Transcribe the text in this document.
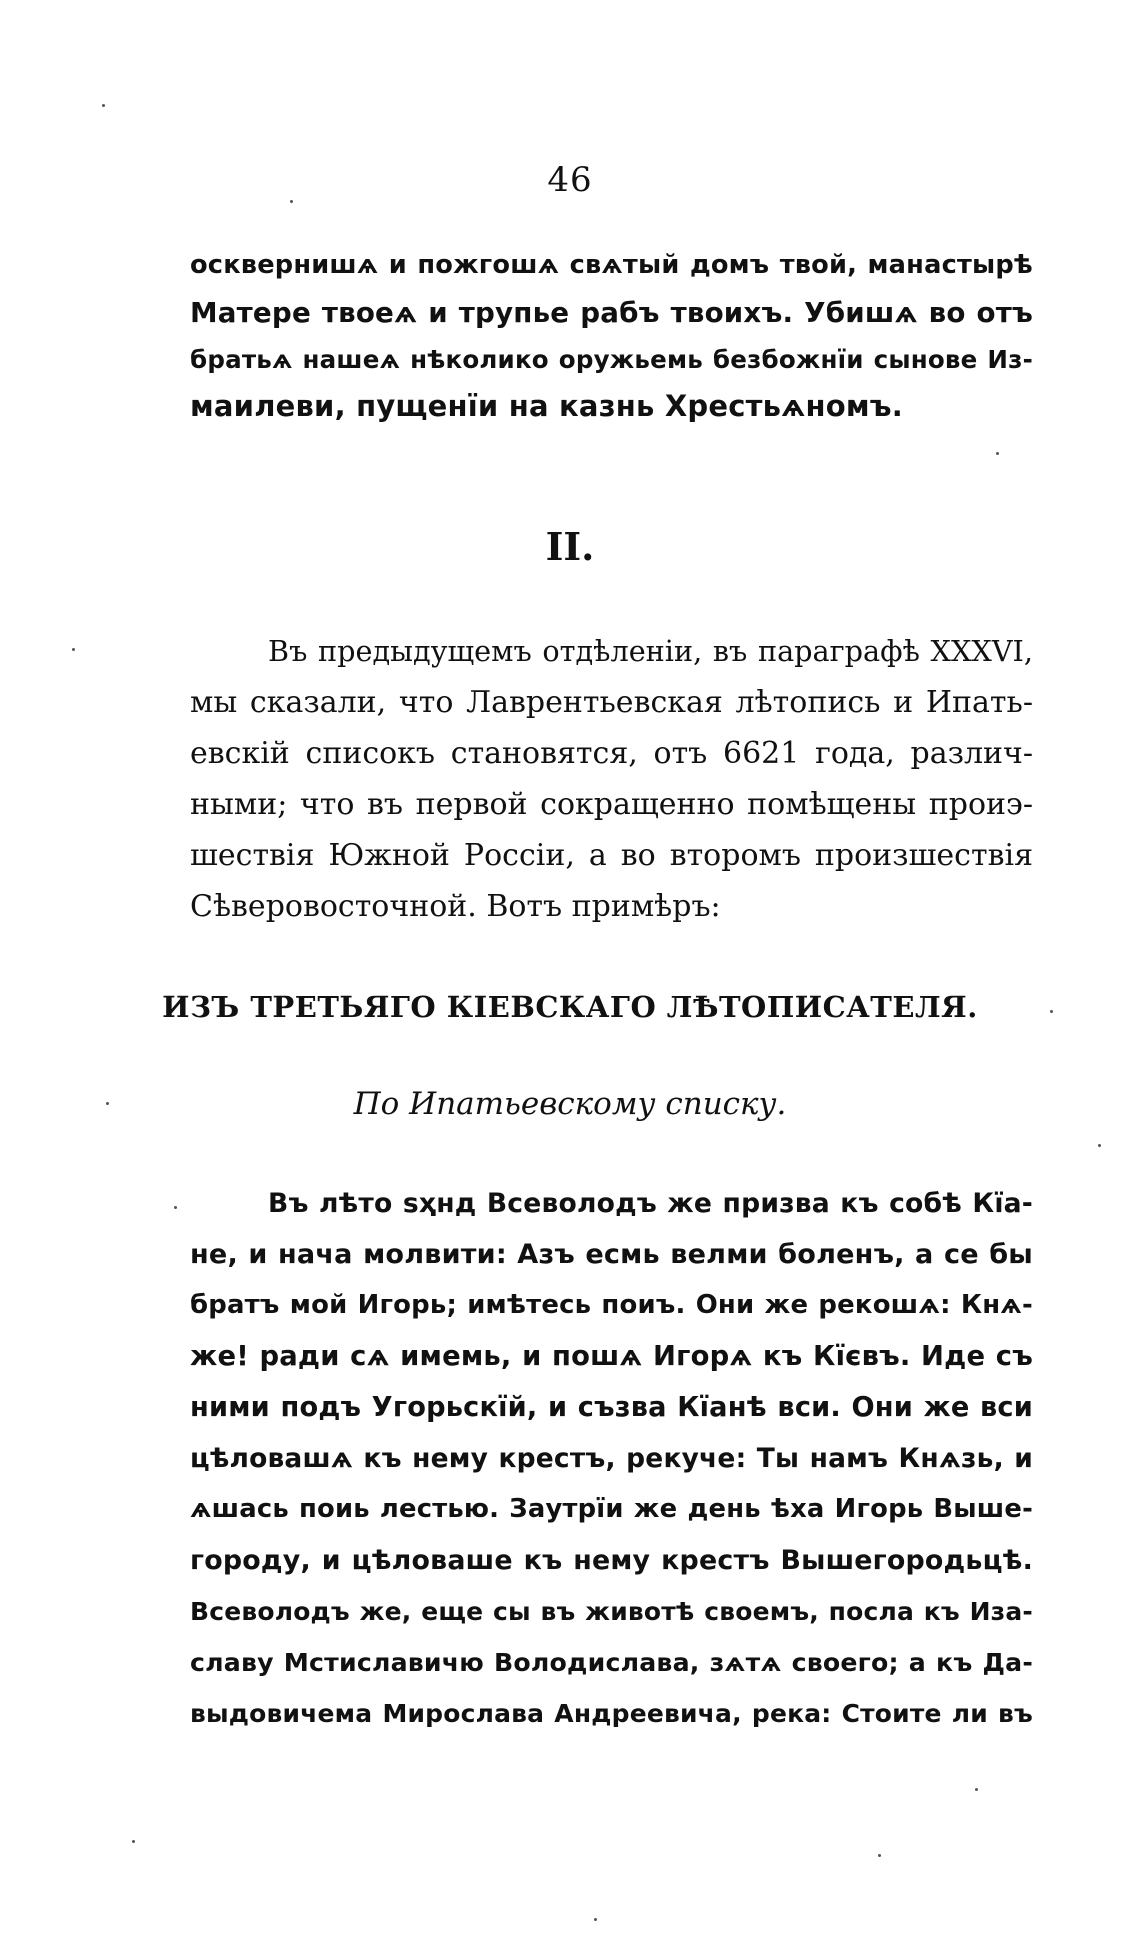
46
осквернишѧ и пожгошѧ свѧтый домъ твой, манастырѣ
Матере твоеѧ и трупье рабъ твоихъ. Убишѧ во отъ
братьѧ нашеѧ нѣколико оружьемь безбожнїи сынове Из-
маилеви, пущенїи на казнь Хрестьѧномъ.
II.
Въ предыдущемъ отдѣленіи, въ параграфѣ XXXVI,
мы сказали, что Лаврентьевская лѣтопись и Ипать-
евскій списокъ становятся, отъ 6621 года, различ-
ными; что въ первой сокращенно помѣщены проиэ-
шествія Южной Россіи, а во второмъ произшествія
Сѣверовосточной. Вотъ примѣръ:
ИЗЪ ТРЕТЬЯГО КІЕВСКАГО ЛѢТОПИСАТЕЛЯ.
По Ипатьевскому списку.
Въ лѣто ѕҳнд Всеволодъ же призва къ собѣ Кїа-
не, и нача молвити: Азъ есмь велми боленъ, а се бы
братъ мой Игорь; имѣтесь поиъ. Они же рекошѧ: Кнѧ-
же! ради сѧ имемь, и пошѧ Игорѧ къ Кїєвъ. Иде съ
ними подъ Угорьскїй, и съзва Кїанѣ вси. Они же вси
цѣловашѧ къ нему крестъ, рекуче: Ты намъ Кнѧзь, и
ѧшась поиь лестью. Заутрїи же день ѣха Игорь Выше-
городу, и цѣловаше къ нему крестъ Вышегородьцѣ.
Всеволодъ же, еще сы въ животѣ своемъ, посла къ Иза-
славу Мстиславичю Володислава, зѧтѧ своего; а къ Да-
выдовичема Мирослава Андреевича, река: Стоите ли въ
